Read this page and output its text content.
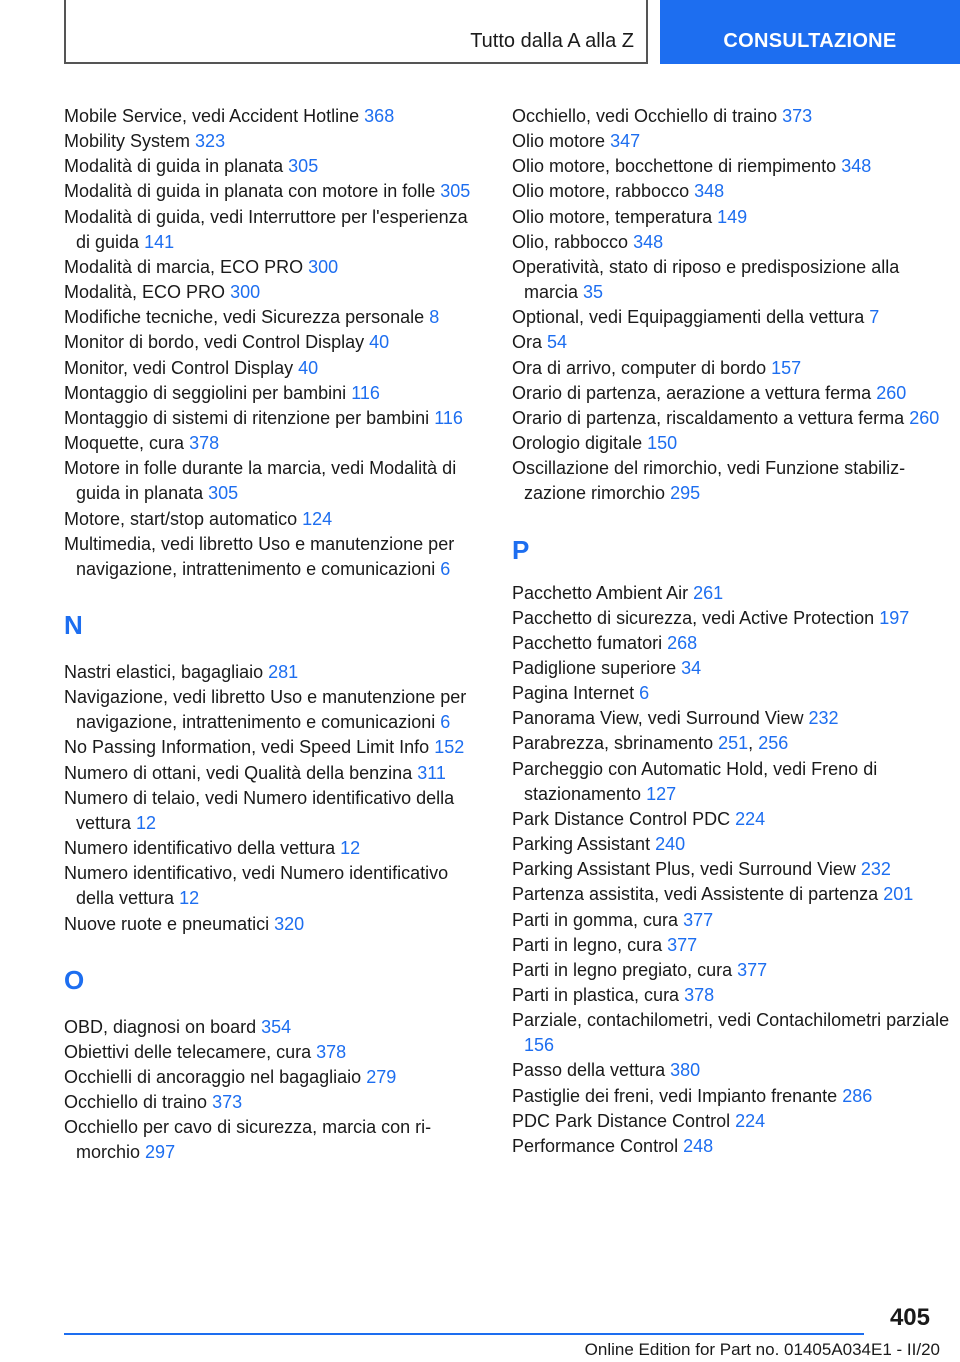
Tutto dalla A alla Z	CONSULTAZIONE
Mobile Service, vedi Accident Hotline 368
Mobility System 323
Modalità di guida in planata 305
Modalità di guida in planata con motore in folle 305
Modalità di guida, vedi Interruttore per l'esperienza di guida 141
Modalità di marcia, ECO PRO 300
Modalità, ECO PRO 300
Modifiche tecniche, vedi Sicurezza personale 8
Monitor di bordo, vedi Control Display 40
Monitor, vedi Control Display 40
Montaggio di seggiolini per bambini 116
Montaggio di sistemi di ritenzione per bambini 116
Moquette, cura 378
Motore in folle durante la marcia, vedi Modalità di guida in planata 305
Motore, start/stop automatico 124
Multimedia, vedi libretto Uso e manutenzione per navigazione, intrattenimento e comunicazioni 6
N
Nastri elastici, bagagliaio 281
Navigazione, vedi libretto Uso e manutenzione per navigazione, intrattenimento e comunicazioni 6
No Passing Information, vedi Speed Limit Info 152
Numero di ottani, vedi Qualità della benzina 311
Numero di telaio, vedi Numero identificativo della vettura 12
Numero identificativo della vettura 12
Numero identificativo, vedi Numero identificativo della vettura 12
Nuove ruote e pneumatici 320
O
OBD, diagnosi on board 354
Obiettivi delle telecamere, cura 378
Occhielli di ancoraggio nel bagagliaio 279
Occhiello di traino 373
Occhiello per cavo di sicurezza, marcia con rimorchio 297
Occhiello, vedi Occhiello di traino 373
Olio motore 347
Olio motore, bocchettone di riempimento 348
Olio motore, rabbocco 348
Olio motore, temperatura 149
Olio, rabbocco 348
Operatività, stato di riposo e predisposizione alla marcia 35
Optional, vedi Equipaggiamenti della vettura 7
Ora 54
Ora di arrivo, computer di bordo 157
Orario di partenza, aerazione a vettura ferma 260
Orario di partenza, riscaldamento a vettura ferma 260
Orologio digitale 150
Oscillazione del rimorchio, vedi Funzione stabilizzazione rimorchio 295
P
Pacchetto Ambient Air 261
Pacchetto di sicurezza, vedi Active Protection 197
Pacchetto fumatori 268
Padiglione superiore 34
Pagina Internet 6
Panorama View, vedi Surround View 232
Parabrezza, sbrinamento 251, 256
Parcheggio con Automatic Hold, vedi Freno di stazionamento 127
Park Distance Control PDC 224
Parking Assistant 240
Parking Assistant Plus, vedi Surround View 232
Partenza assistita, vedi Assistente di partenza 201
Parti in gomma, cura 377
Parti in legno, cura 377
Parti in legno pregiato, cura 377
Parti in plastica, cura 378
Parziale, contachilometri, vedi Contachilometri parziale 156
Passo della vettura 380
Pastiglie dei freni, vedi Impianto frenante 286
PDC Park Distance Control 224
Performance Control 248
405
Online Edition for Part no. 01405A034E1 - II/20
